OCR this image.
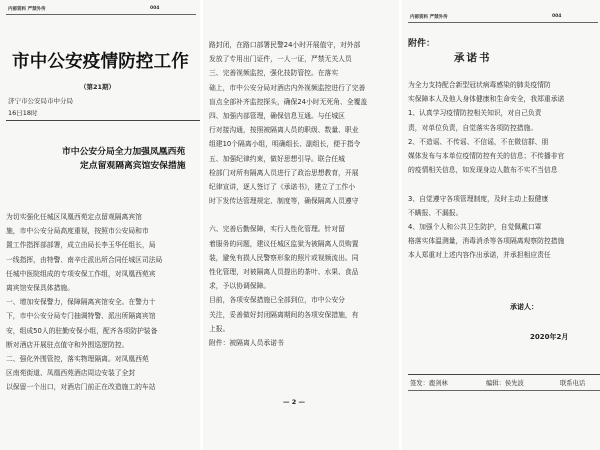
内部资料 严禁外传	004
市中公安疫情防控工作
（第21期）
济宁市公安局市中分局
16日18时
市中公安分局全力加强凤凰西苑
定点留观隔离宾馆安保措施
为切实强化任城区凤凰西苑定点留观隔离宾馆
施，市中公安分局高度重视，按照市公安局和市
置工作指挥部部署，成立由局长李玉华任组长，局
一线指挥，由特警、南辛庄派出所合同任城区司法局
任城中医院组成的专项安保工作组，对凤凰西苑宾
离宾馆安保具体措施。
一、增加安保警力，保障隔离宾馆安全。在警力十
下，市中公安分局专门抽调特警、派出所隔离宾馆
安，组成50人的驻勤安保小组，配齐各项防护装备
断对酒店开展驻点值守和外围巡逻防控。
二、强化外围管控，落实物理隔离。对凤凰西苑
区南苑街道、凤凰西苑酒店周边安装了全封
以保留一个出口，对酒店门前正在改造施工的车站
路封闭，在路口部署民警24小时开展值守，对外部
发放了专用出门证件，一人一证，严禁无关人员
三、完善视频监控，强化技防管控。在落实
础上，市中公安分局对酒店内外视频监控进行了完善
盲点全部补齐监控探头，确保24小时无死角、全覆盖
四、加强内部管理，确保信息互通。与任城区
行对接沟通，按照被隔离人员的职级、数量、职业
组建10个隔离小组，明确组长、副组长，便于指令
五、加强纪律约束，做好思想引导。联合任城
检部门对所有隔离人员进行了政治思想教育，开展
纪律宣讲，逐人签订了《承诺书》，建立了工作小
时下发传达管理规定、制度等，确保隔离人员遵守
六、完善后勤保障，实行人性化管理。针对留
着服务的问题，建议任城区监狱为被隔离人员购置
装，避免有损人民警察形象的照片或视频流出。同
性化管理，对被隔离人员提出的茶叶、水果、食品
求，予以协调保障。
目前，各项安保措施已全部到位，市中公安分
关注，妥善做好封闭隔离期间的各项安保措施，有
上报。
附件：被隔离人员承诺书
— 2 —
内部资料 严禁外传	004
附件：
承诺书
为全力支持配合新型冠状病毒感染的肺炎疫情防
实保障本人及他人身体健康和生命安全，我郑重承诺
1、认真学习疫情防控相关知识，对自己负责
责，对单位负责，自觉落实各项防控措施。
2、不造谣、不传谣、不信谣，不在微信群、朋
媒体发布与本单位疫情防控有关的信息；不传播非官
的疫情相关信息，如发现身边人散布不实不当信息
3、自觉遵守各项管理制度，及时主动上报健康
不瞒报、不漏报。
4、加强个人和公共卫生防护，自觉佩戴口罩
格落实体温测量，消毒消杀等各项隔离观察防控措施
本人郑重对上述内容作出承诺，并承担相应责任
承诺人：
2020年2月
签发：鹿剑林	编辑：侯先波	联系电话
